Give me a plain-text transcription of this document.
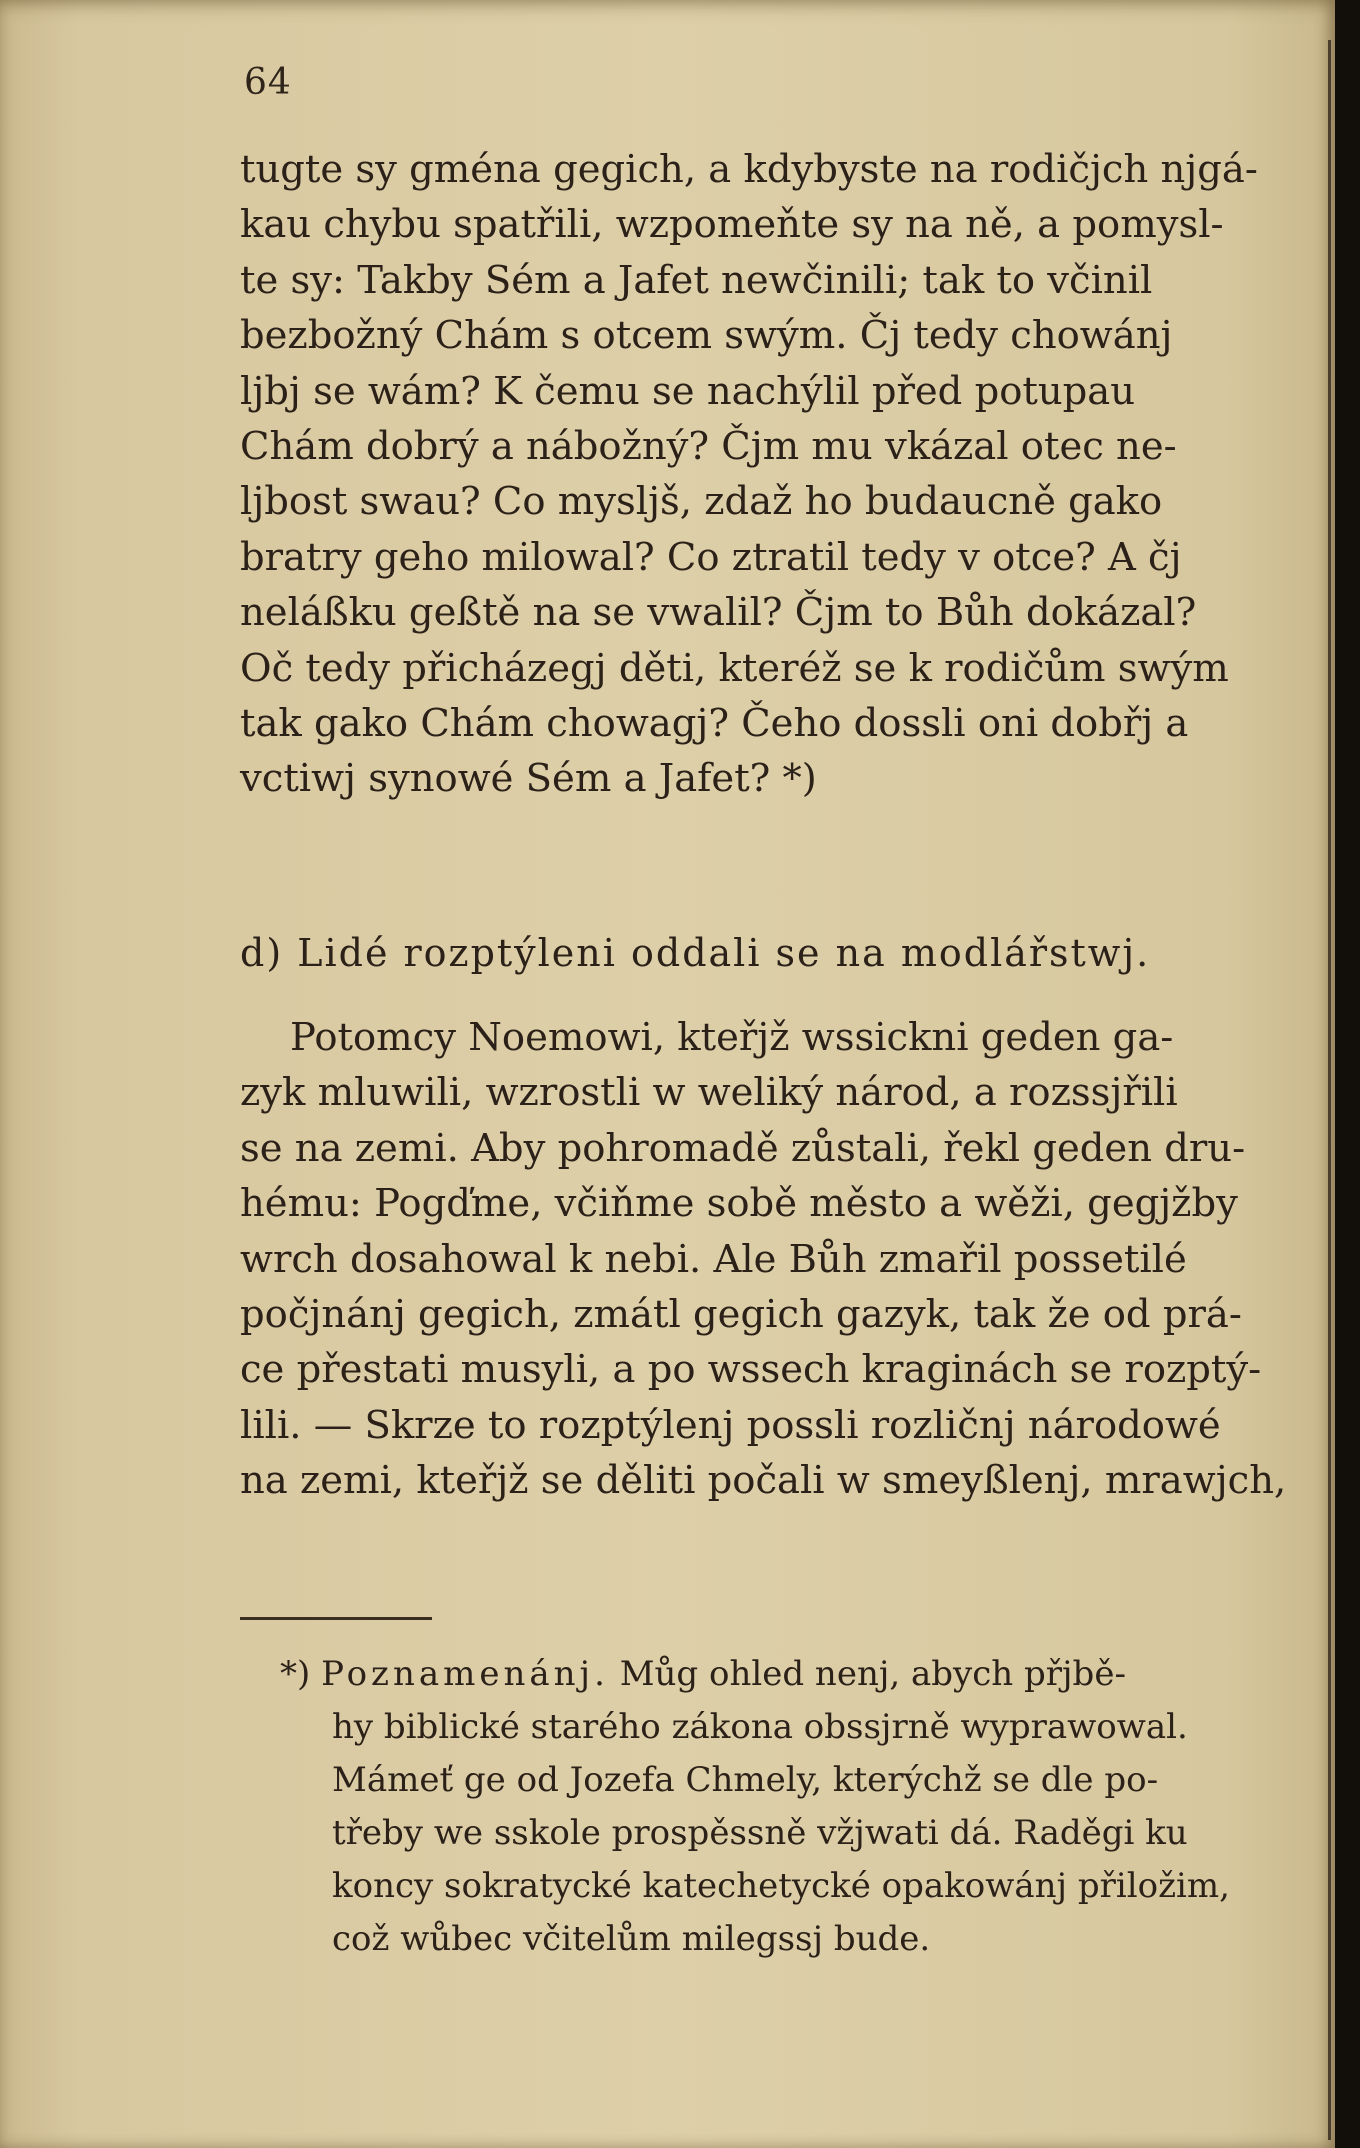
64
tugte sy gména gegich, a kdybyste na rodičjch njgá-
kau chybu spatřili, wzpomeňte sy na ně, a pomysl-
te sy: Takby Sém a Jafet newčinili; tak to včinil
bezbožný Chám s otcem swým. Čj tedy chowánj
ljbj se wám? K čemu se nachýlil před potupau
Chám dobrý a nábožný? Čjm mu vkázal otec ne-
ljbost swau? Co myslјš, zdaž ho budaucně gako
bratry geho milowal? Co ztratil tedy v otce? A čj
neláßku geßtě na se vwalil? Čjm to Bůh dokázal?
Oč tedy přicházegj děti, kteréž se k rodičům swým
tak gako Chám chowagj? Čeho dossli oni dobřj a
vctiwj synowé Sém a Jafet? *)
d) Lidé rozptýleni oddali se na modlářstwj.
Potomcy Noemowi, kteřjž wssickni geden ga-
zyk mluwili, wzrostli w weliký národ, a rozssjřili
se na zemi. Aby pohromadě zůstali, řekl geden dru-
hému: Pogďme, včiňme sobě město a wěži, gegjžby
wrch dosahowal k nebi. Ale Bůh zmařil possetilé
počjnánj gegich, zmátl gegich gazyk, tak že od prá-
ce přestati musyli, a po wssech kraginách se rozptý-
lili. — Skrze to rozptýlenj possli rozličnj národowé
na zemi, kteřjž se děliti počali w smeyßlenj, mrawjch,
*) Poznamenánj. Můg ohled nenj, abych přjbě-
hy biblické starého zákona obssjrně wyprawowal.
Mámeť ge od Jozefa Chmely, kterýchž se dle po-
třeby we sskole prospěssně vžjwati dá. Raděgi ku
koncy sokratycké katechetycké opakowánj přiložim,
což wůbec včitelům milegssj bude.
